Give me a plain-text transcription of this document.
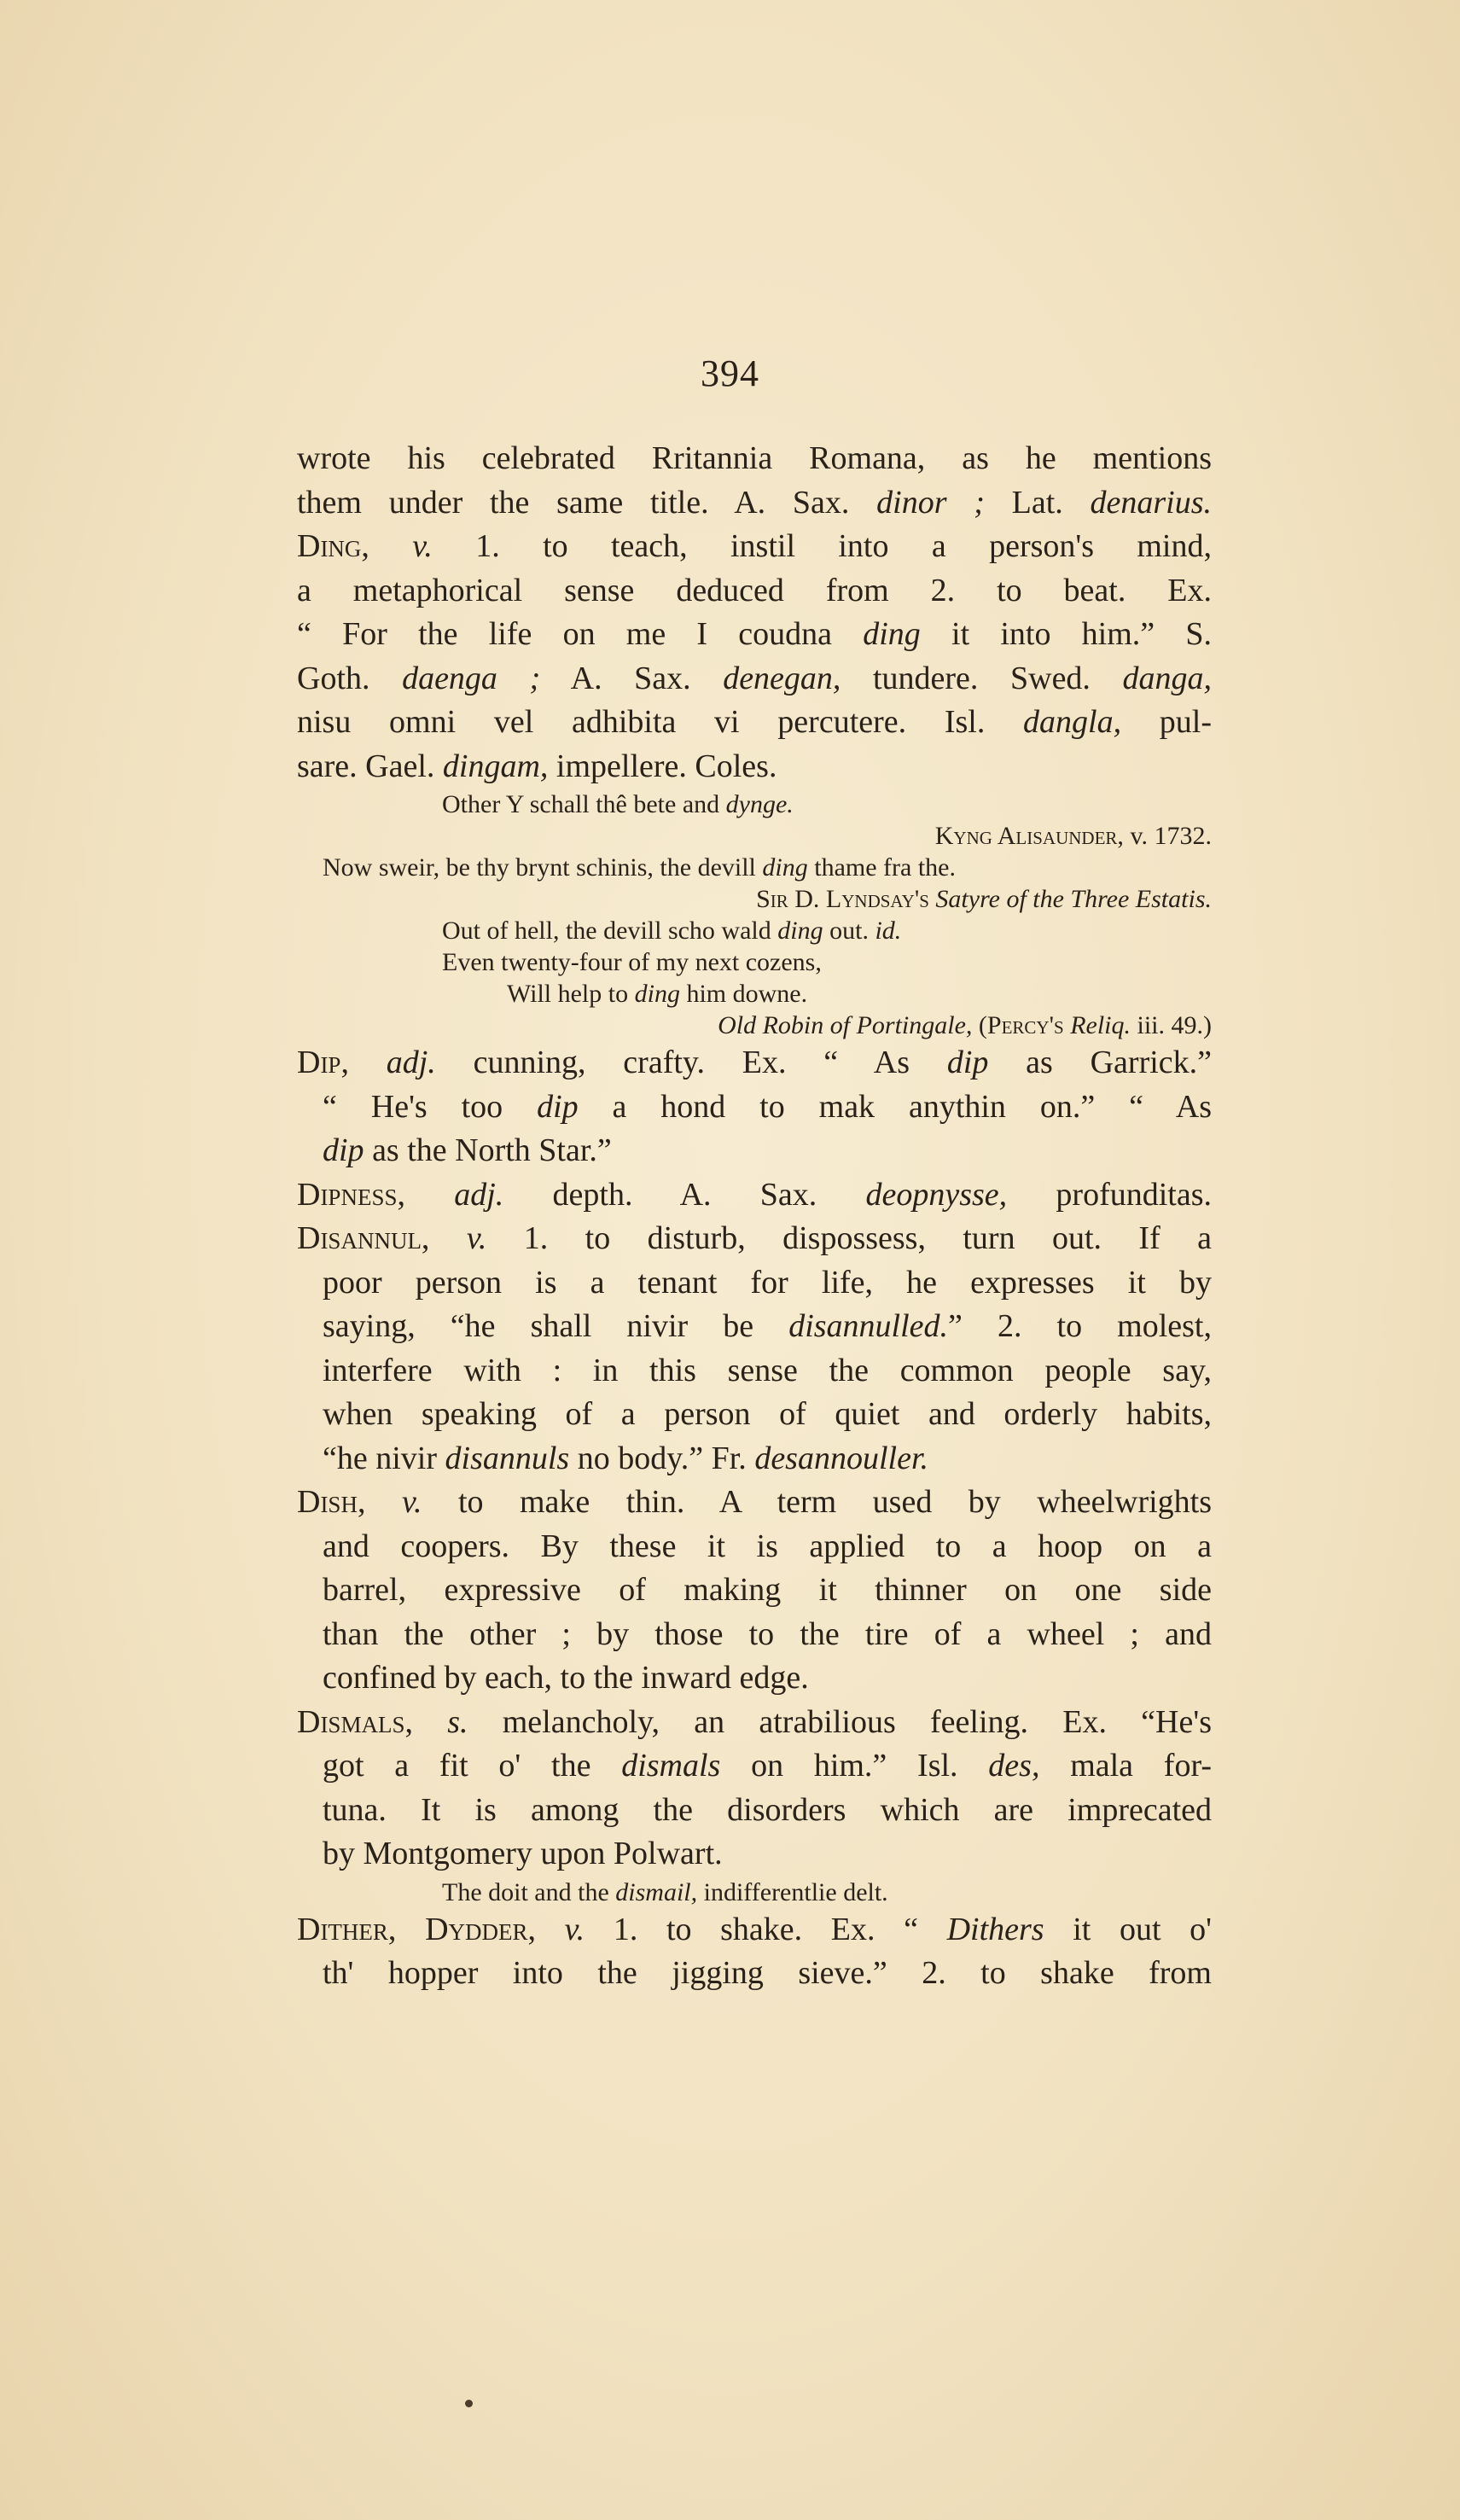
394
wrote his celebrated Rritannia Romana, as he mentions
them under the same title. A. Sax. dinor ; Lat. denarius.
Ding, v. 1. to teach, instil into a person's mind,
a metaphorical sense deduced from 2. to beat. Ex.
“ For the life on me I coudna ding it into him.” S.
Goth. daenga ; A. Sax. denegan, tundere. Swed. danga,
nisu omni vel adhibita vi percutere. Isl. dangla, pul-
sare. Gael. dingam, impellere. Coles.
Other Y schall thê bete and dynge.
Kyng Alisaunder, v. 1732.
Now sweir, be thy brynt schinis, the devill ding thame fra the.
Sir D. Lyndsay's Satyre of the Three Estatis.
Out of hell, the devill scho wald ding out. id.
Even twenty-four of my next cozens,
Will help to ding him downe.
Old Robin of Portingale, (Percy's Reliq. iii. 49.)
Dip, adj. cunning, crafty. Ex. “ As dip as Garrick.”
“ He's too dip a hond to mak anythin on.” “ As
dip as the North Star.”
Dipness, adj. depth. A. Sax. deopnysse, profunditas.
Disannul, v. 1. to disturb, dispossess, turn out. If a
poor person is a tenant for life, he expresses it by
saying, “he shall nivir be disannulled.” 2. to molest,
interfere with : in this sense the common people say,
when speaking of a person of quiet and orderly habits,
“he nivir disannuls no body.” Fr. desannouller.
Dish, v. to make thin. A term used by wheelwrights
and coopers. By these it is applied to a hoop on a
barrel, expressive of making it thinner on one side
than the other ; by those to the tire of a wheel ; and
confined by each, to the inward edge.
Dismals, s. melancholy, an atrabilious feeling. Ex. “He's
got a fit o' the dismals on him.” Isl. des, mala for-
tuna. It is among the disorders which are imprecated
by Montgomery upon Polwart.
The doit and the dismail, indifferentlie delt.
Dither, Dydder, v. 1. to shake. Ex. “ Dithers it out o'
th' hopper into the jigging sieve.” 2. to shake from
